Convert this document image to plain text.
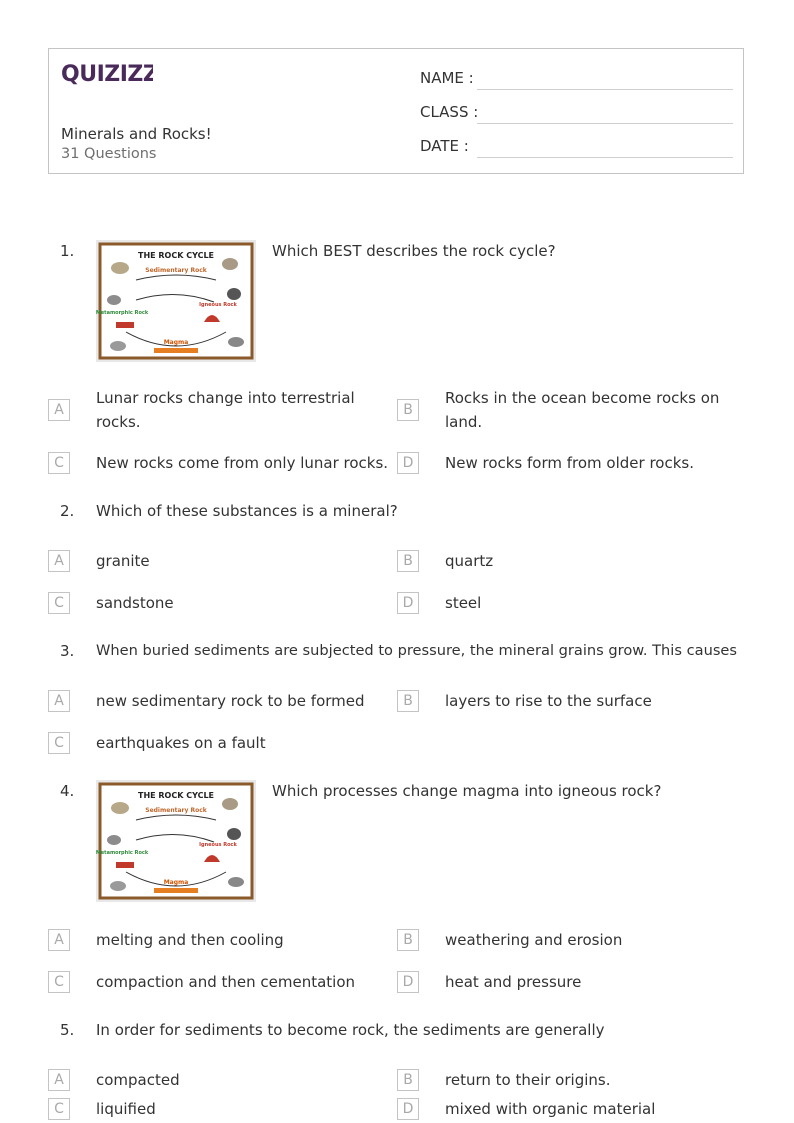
QUIZIZZ
Minerals and Rocks!
31 Questions
NAME :
CLASS :
DATE :
1.	THE ROCK CYCLE
Sedimentary Rock
Metamorphic Rock
Igneous Rock
Magma
Which BEST describes the rock cycle?
A
Lunar rocks change into terrestrial rocks.
B
Rocks in the ocean become rocks on land.
C	New rocks come from only lunar rocks.	D	New rocks form from older rocks.
2. Which of these substances is a mineral?
A	granite	B	quartz
C	sandstone	D	steel
3. When buried sediments are subjected to pressure, the mineral grains grow. This causes
A	new sedimentary rock to be formed	B	layers to rise to the surface
C	earthquakes on a fault
4.	THE ROCK CYCLE
Sedimentary Rock
Metamorphic Rock
Igneous Rock
Magma
Which processes change magma into igneous rock?
A	melting and then cooling	B	weathering and erosion
C	compaction and then cementation	D	heat and pressure
5. In order for sediments to become rock, the sediments are generally
A	compacted	B	return to their origins.
C	liquified	D	mixed with organic material
